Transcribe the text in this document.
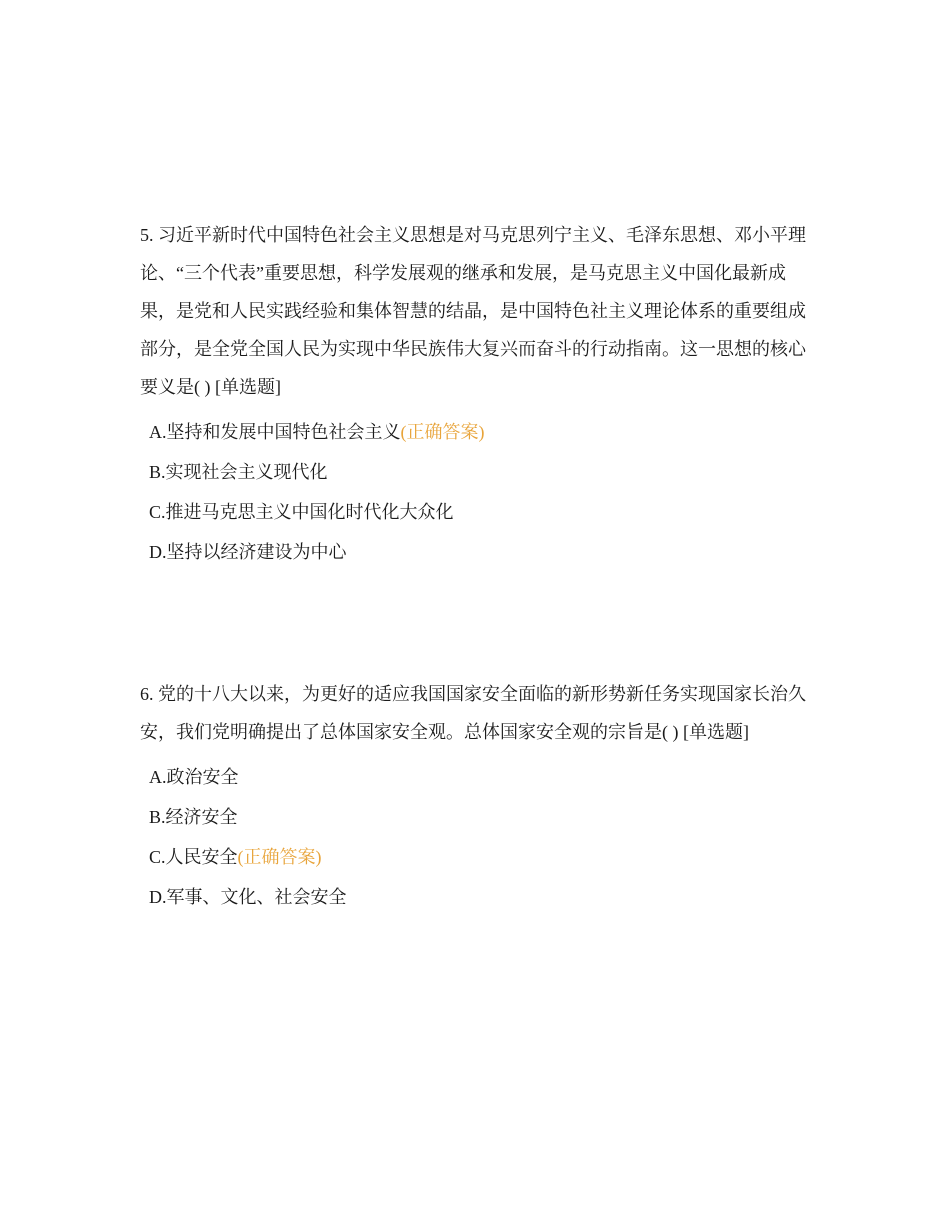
5. 习近平新时代中国特色社会主义思想是对马克思列宁主义、毛泽东思想、邓小平理论、“三个代表”重要思想，科学发展观的继承和发展，是马克思主义中国化最新成果，是党和人民实践经验和集体智慧的结晶，是中国特色社主义理论体系的重要组成部分，是全党全国人民为实现中华民族伟大复兴而奋斗的行动指南。这一思想的核心要义是( ) [单选题]

A.坚持和发展中国特色社会主义(正确答案)
B.实现社会主义现代化
C.推进马克思主义中国化时代化大众化
D.坚持以经济建设为中心

6. 党的十八大以来，为更好的适应我国国家安全面临的新形势新任务实现国家长治久安，我们党明确提出了总体国家安全观。总体国家安全观的宗旨是( ) [单选题]

A.政治安全
B.经济安全
C.人民安全(正确答案)
D.军事、文化、社会安全
